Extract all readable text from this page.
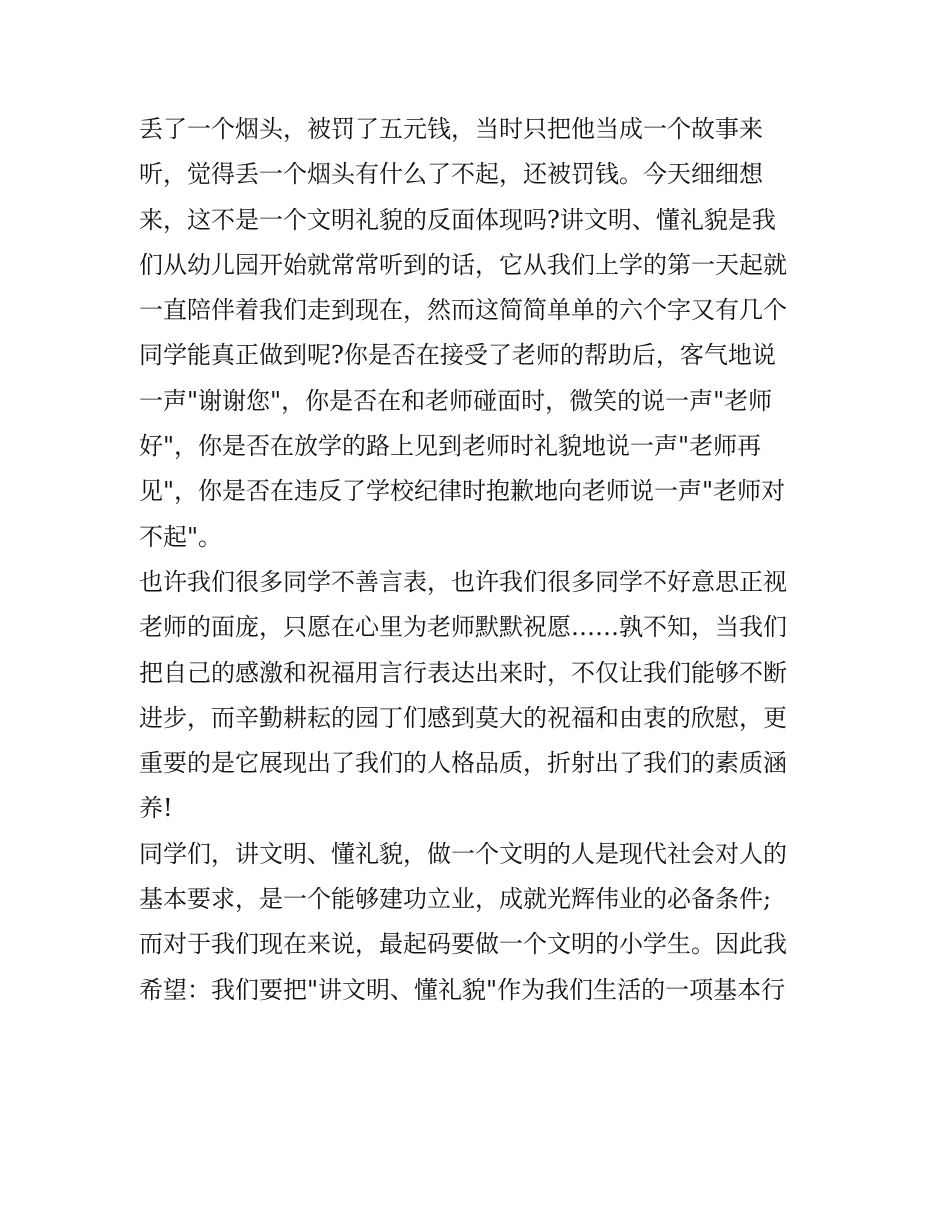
丢了一个烟头，被罚了五元钱，当时只把他当成一个故事来
听，觉得丢一个烟头有什么了不起，还被罚钱。今天细细想
来，这不是一个文明礼貌的反面体现吗?讲文明、懂礼貌是我
们从幼儿园开始就常常听到的话，它从我们上学的第一天起就
一直陪伴着我们走到现在，然而这简简单单的六个字又有几个
同学能真正做到呢?你是否在接受了老师的帮助后，客气地说
一声"谢谢您"，你是否在和老师碰面时，微笑的说一声"老师
好"，你是否在放学的路上见到老师时礼貌地说一声"老师再
见"，你是否在违反了学校纪律时抱歉地向老师说一声"老师对
不起"。
也许我们很多同学不善言表，也许我们很多同学不好意思正视
老师的面庞，只愿在心里为老师默默祝愿……孰不知，当我们
把自己的感激和祝福用言行表达出来时，不仅让我们能够不断
进步，而辛勤耕耘的园丁们感到莫大的祝福和由衷的欣慰，更
重要的是它展现出了我们的人格品质，折射出了我们的素质涵
养!
同学们，讲文明、懂礼貌，做一个文明的人是现代社会对人的
基本要求，是一个能够建功立业，成就光辉伟业的必备条件;
而对于我们现在来说，最起码要做一个文明的小学生。因此我
希望：我们要把"讲文明、懂礼貌"作为我们生活的一项基本行
